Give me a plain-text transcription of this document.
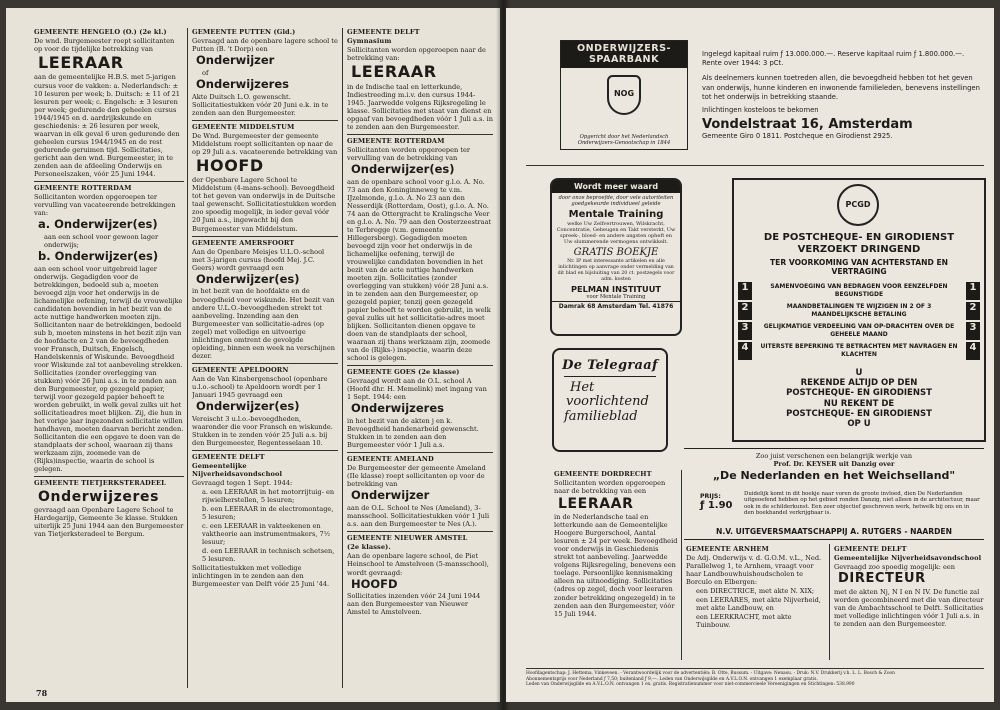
GEMEENTE HENGELO (O.) (2e kl.)
De wnd. Burgemeester roept sollicitanten op voor de tijdelijke betrekking van
LEERAAR
aan de gemeentelijke H.B.S. met 5-jarigen cursus voor de vakken: a. Nederlandsch: ± 10 lesuren per week; b. Duitsch: ± 11 of 21 lesuren per week; c. Engelsch: ± 3 lesuren per week; gedurende den geheelen cursus 1944/1945 en d. aardrijkskunde en geschiedenis: ± 26 lesuren per week, waarvan in elk geval 6 uren gedurende den geheelen cursus 1944/1945 en de rest gedurende geruimen tijd. Sollicitaties, gericht aan den wnd. Burgemeester, in te zenden aan de afdeeling Onderwijs en Personeelszaken, vóór 25 Juni 1944.
GEMEENTE ROTTERDAM
Sollicitanten worden opgeroepen ter vervulling van vacateerende betrekkingen van:
a. Onderwijzer(es)
aan een school voor gewoon lager onderwijs;
b. Onderwijzer(es)
aan een school voor uitgebreid lager onderwijs. Gegadigden voor de betrekkingen, bedoeld sub a, moeten bevoegd zijn voor het onderwijs in de lichamelijke oefening, terwijl de vrouwelijke candidaten bovendien in het bezit van de acte nuttige handwerken moeten zijn. Sollicitanten naar de betrekkingen, bedoeld sub b, moeten minstens in het bezit zijn van de hoofdacte en 2 van de bevoegdheden voor Fransch, Duitsch, Engelsch, Handelskennis of Wiskunde. Bevoegdheid voor Wiskunde zal tot aanbeveling strekken. Sollicitaties (zonder overlegging van stukken) vóór 26 Juni a.s. in te zenden aan den Burgemeester, op gezegeld papier, terwijl voor gezegeld papier behoeft te worden gebruikt, in welk geval zulks uit het sollicitatieadres moet blijken. Zij, die hun in het vorige jaar ingezonden sollicitatie willen handhaven, moeten daarvan bericht zenden. Sollicitanten die een opgave te doen van de standplaats der school, waaraan zij thans werkzaam zijn, zoomede van de (Rijks)inspectie, waarin de school is gelegen.
GEMEENTE TIETJERKSTERADEEL
Onderwijzeres
gevraagd aan Openbare Lagere School te Hardegarijp, Gemeente 3e klasse. Stukken uiterlijk 25 Juni 1944 aan den Burgemeester van Tietjerksteradeel te Bergum.
GEMEENTE PUTTEN (Gld.)
Gevraagd aan de openbare lagere school te Putten (B. 't Dorp) een
Onderwijzer
of
Onderwijzeres
Akte Duitsch L.O. gewenscht. Sollicitatiestukken vóór 20 Juni e.k. in te zenden aan den Burgemeester.
GEMEENTE MIDDELSTUM
De Wnd. Burgemeester der gemeente Middelstum roept sollicitanten op naar de op 29 Juli a.s. vacateerende betrekking van
HOOFD
der Openbare Lagere School te Middelstum (4-mans-school). Bevoegdheid tot het geven van onderwijs in de Duitsche taal gewenscht. Sollicitatiestukken worden zoo spoedig mogelijk, in ieder geval vóór 20 Juni a.s., ingewacht bij den Burgemeester van Middelstum.
GEMEENTE AMERSFOORT
Aan de Openbare Meisjes U.L.O.-school met 3-jarigen cursus (hoofd Mej. J.C. Geers) wordt gevraagd een
Onderwijzer(es)
in het bezit van de hoofdakte en de bevoegdheid voor wiskunde. Het bezit van andere U.L.O.-bevoegdheden strekt tot aanbeveling. Inzending aan den Burgemeester van sollicitatie-adres (op zegel) met volledige en uitvoerige inlichtingen omtrent de gevolgde opleiding, binnen een week na verschijnen dezer.
GEMEENTE APELDOORN
Aan de Van Kinsbergenschool (openbare u.l.o.-school) te Apeldoorn wordt per 1 Januari 1945 gevraagd een
Onderwijzer(es)
Vereischt 3 u.l.o.-bevoegdheden, waaronder die voor Fransch en wiskunde. Stukken in te zenden vóór 25 Juli a.s. bij den Burgemeester, Regentesselaan 10.
GEMEENTE DELFT
Gemeentelijke Nijverheidsavondschool
Gevraagd tegen 1 Sept. 1944:
a. een LEERAAR in het motorrijtuig- en rijwielherstellen, 5 lesuren;
b. een LEERAAR in de electromontage, 5 lesuren;
c. een LEERAAR in vakteekenen en vaktheorie aan instrumentmakers, 7½ lesuur;
d. een LEERAAR in technisch schetsen, 5 lesuren.
Sollicitatiestukken met volledige inlichtingen in te zenden aan den Burgemeester van Delft vóór 25 Juni '44.
GEMEENTE DELFT
Gymnasium
Sollicitanten worden opgeroepen naar de betrekking van:
LEERAAR
in de Indische taal en letterkunde, Indiestreeding m.i.v. den cursus 1944-1945. Jaarwedde volgens Rijksregeling le klasse. Sollicitaties met staat van dienst en opgaaf van bevoegdheden vóór 1 Juli a.s. in te zenden aan den Burgemeester.
GEMEENTE ROTTERDAM
Sollicitanten worden opgeroepen ter vervulling van de betrekking van
Onderwijzer(es)
aan de openbare school voor g.l.o. A. No. 73 aan den Koninginneweg te v.m. IJzelmonde, g.l.o. A. No 23 aan den Nesserdijk (Rotterdam, Oost), g.l.o. A. No. 74 aan de Ottergracht te Kralingsche Veer en g.l.o. A. No. 79 aan den Oosterzeestraat te Terbregge (v.m. gemeente Hillegersberg). Gegadigden moeten bevoegd zijn voor het onderwijs in de lichamelijke oefening, terwijl de vrouwelijke candidaten bovendien in het bezit van de acte nuttige handwerken moeten zijn. Sollicitaties (zonder overlegging van stukken) vóór 28 Juni a.s. in te zenden aan den Burgemeester, op gezegeld papier, tenzij geen gezegeld papier behoeft te worden gebruikt, in welk geval zulks uit het sollicitatie-adres moet blijken. Sollicitanten dienen opgave te doen van de standplaats der school, waaraan zij thans werkzaam zijn, zoomede van de (Rijks-) inspectie, waarin deze school is gelegen.
GEMEENTE GOES (2e klasse)
Gevraagd wordt aan de O.L. school A (Hoofd dhr. H. Memelink) met ingang van 1 Sept. 1944: een
Onderwijzeres
in het bezit van de akten j en k. Bevoegdheid handenarbeid gewenscht. Stukken in te zenden aan den Burgemeester vóór 1 Juli a.s.
GEMEENTE AMELAND
De Burgemeester der gemeente Ameland (IIe klasse) roept sollicitanten op voor de betrekking van
Onderwijzer
aan de O.L. School te Nes (Ameland), 3-mansschool. Sollicitatiestukken vóór 1 Juli a.s. aan den Burgemeester te Nes (A.).
GEMEENTE NIEUWER AMSTEL
(2e klasse).
Aan de openbare lagere school, de Piet Heinschool te Amstelveen (5-mansschool), wordt gevraagd:
HOOFD
Sollicitaties inzenden vóór 24 Juni 1944 aan den Burgemeester van Nieuwer Amstel te Amstelveen.
78
ONDERWIJZERS-SPAARBANK
NOG
Opgericht door het Nederlandsch Onderwijzers-Genootschap in 1844
Ingelegd kapitaal ruim ƒ 13.000.000.—. Reserve kapitaal ruim ƒ 1.800.000.—. Rente over 1944: 3 pCt.
Als deelnemers kunnen toetreden allen, die bevoegdheid hebben tot het geven van onderwijs, hunne kinderen en inwonende familieleden, benevens instellingen tot het onderwijs in betrekking staande.
Inlichtingen kosteloos te bekomen
Vondelstraat 16, Amsterdam
Gemeente Giro 0 1811. Postcheque en Girodienst 2925.
Wordt meer waard
door onze beproefde, door vele autoriteiten goedgekeurde individueel geleide
Mentale Training
welke Uw Zelfvertrouwen, Wilskracht, Concentratie, Geheugen en Takt versterkt, Uw spreek-, bloed- en andere angsten opheft en Uw slummerende vermogens ontwikkelt.
GRATIS BOEKJE
Nr. IP met interessante artikelen en alle inlichtingen op aanvrage onder vermelding van dit blad en bijsluiting van 20 ct. postzegels voor adm. kosten
PELMAN INSTITUUT
voor Mentale Training
Damrak 68 Amsterdam Tel. 41876
De Telegraaf
Het
voorlichtend
familieblad
PCGD
DE POSTCHEQUE- EN GIRODIENST
VERZOEKT DRINGEND
TER VOORKOMING VAN ACHTERSTAND EN VERTRAGING
1
2
3
4
1
2
3
4
SAMENVOEGING VAN BEDRAGEN VOOR EENZELFDEN BEGUNSTIGDE
MAANDBETALINGEN TE WIJZIGEN IN 2 OF 3 MAANDELIJKSCHE BETALING
GELIJKMATIGE VERDEELING VAN OP-DRACHTEN OVER DE GEHEELE MAAND
UITERSTE BEPERKING TE BETRACHTEN MET NAVRAGEN EN KLACHTEN
U
REKENDE ALTIJD OP DEN
POSTCHEQUE- EN GIRODIENST
NU REKENT DE
POSTCHEQUE- EN GIRODIENST
OP U
Zoo juist verschenen een belangrijk werkje van
Prof. Dr. KEYSER uit Danzig over
„De Nederlanden en het Weichselland"
PRIJS:
ƒ 1.90
Duidelijk komt in dit boekje naar voren de groote invloed, dien De Nederlanden uitgeoefend hebben op het gebied ronden Danzig, niet alleen in de architectuur, maar ook in de schilderkunst. Een zeer objectief geschreven werk, hetwelk bij ons en in den boekhandel verkrijgbaar is.
N.V. UITGEVERSMAATSCHAPPIJ A. RUTGERS - NAARDEN
GEMEENTE DORDRECHT
Sollicitanten worden opgeroepen naar de betrekking van een
LEERAAR
in de Nederlandsche taal en letterkunde aan de Gemeentelijke Hoogere Burgerschool, Aantal lesuren ± 24 per week. Bevoegdheid voor onderwijs in Geschiedenis strekt tot aanbeveling. Jaarwedde volgens Rijksregeling, benevens een toelage. Persoonlijke kennismaking alleen na uitnoodiging. Sollicitaties (adres op zegel, doch voor leeraren zonder betrekking ongezegeld) in te zenden aan den Burgemeester, vóór 15 Juli 1944.
GEMEENTE ARNHEM
De Adj. Onderwijs v. d. G.O.M. v.L., Ned. Parallelweg 1, te Arnhem, vraagt voor haar Landbouwhuishoudscholen te Borculo en Elbergen:
een DIRECTRICE, met akte N. XIX;
een LEERARES, met akte Nijverheid, met akte Landbouw, en
een LEERKRACHT, met akte Tuinbouw.
GEMEENTE DELFT
Gemeentelijke Nijverheidsavondschool
Gevraagd zoo spoedig mogelijk: een
DIRECTEUR
met de akten Nj, N I en N IV. De functie zal worden gecombineerd met die van directeur van de Ambachtsschool te Delft. Sollicitaties met volledige inlichtingen vóór 1 Juli a.s. in te zenden aan den Burgemeester.
Hoofdagentschap: J. Hettema, Vinkeveen. - Verantwoordelijk voor de advertentiën: B. Otte, Bussum. - Uitgave: Nenasu. - Druk: N.V. Drukkerij v.h. L. L. Bosch & Zoon
Abonnementsprijs voor Nederland ƒ 7,50; buitenland ƒ 9,—. Leden van Onderwijsgilde en A.V.L.O.N. ontvangen 1 exemplaar gratis.
Leden van Onderwijsgilde en A.V.L.O.N. ontvangen 1 ex. gratis. Registratienummer voor niet-commercieele Vereenigingen en Stichtingen: 538.990
